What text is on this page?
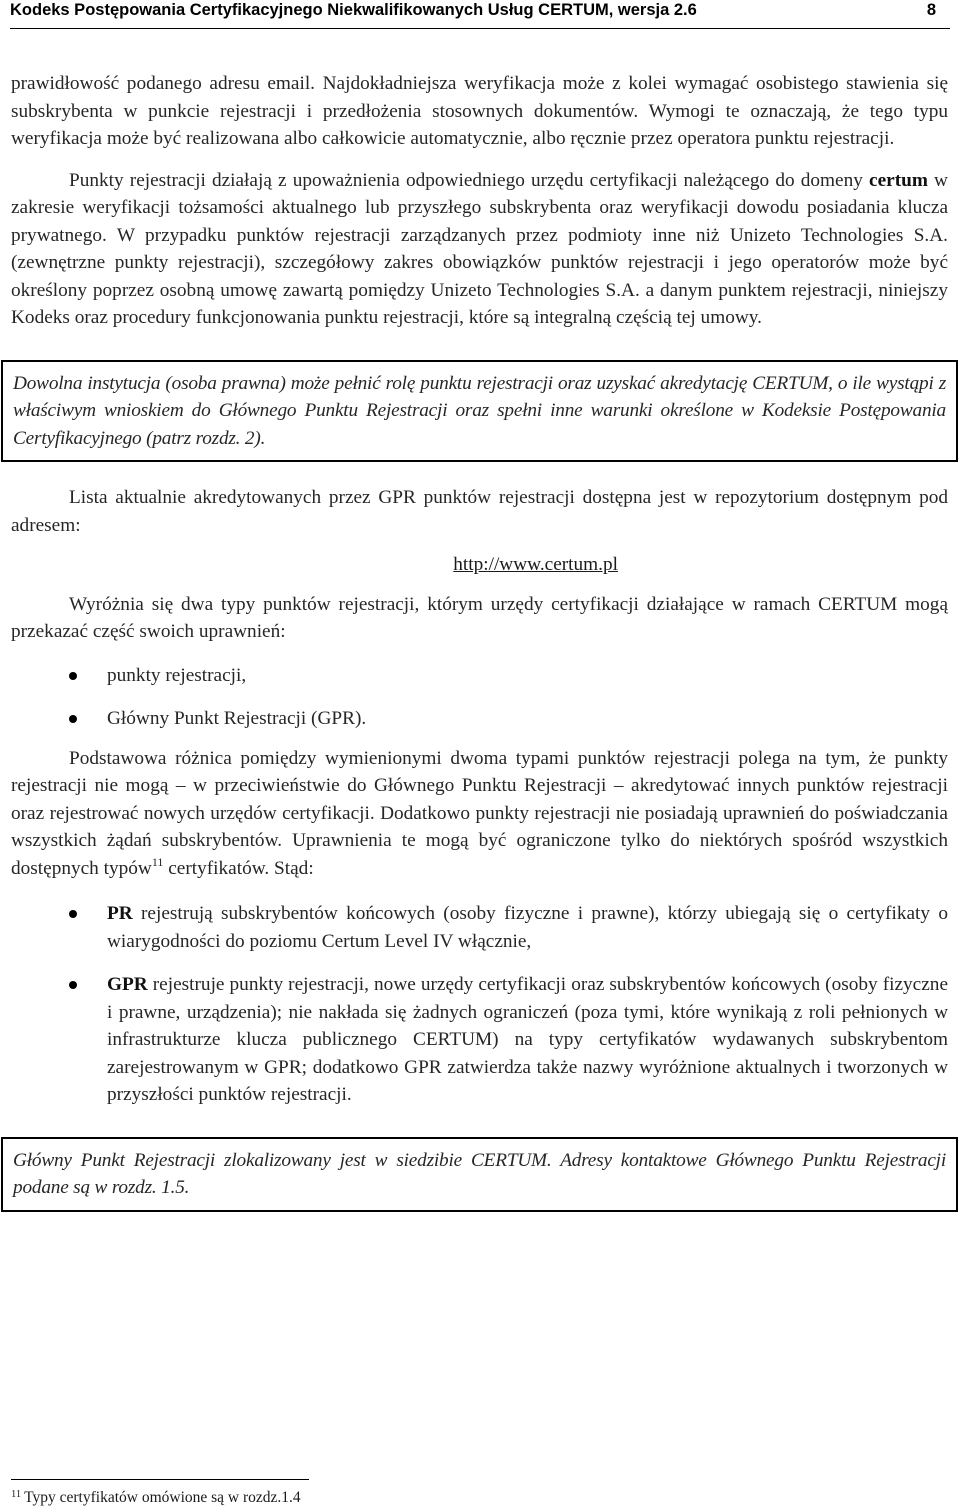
Kodeks Postępowania Certyfikacyjnego Niekwalifikowanych Usług CERTUM, wersja 2.6	8

prawidłowość podanego adresu email. Najdokładniejsza weryfikacja może z kolei wymagać osobistego stawienia się subskrybenta w punkcie rejestracji i przedłożenia stosownych dokumentów. Wymogi te oznaczają, że tego typu weryfikacja może być realizowana albo całkowicie automatycznie, albo ręcznie przez operatora punktu rejestracji.

Punkty rejestracji działają z upoważnienia odpowiedniego urzędu certyfikacji należącego do domeny certum w zakresie weryfikacji tożsamości aktualnego lub przyszłego subskrybenta oraz weryfikacji dowodu posiadania klucza prywatnego. W przypadku punktów rejestracji zarządzanych przez podmioty inne niż Unizeto Technologies S.A. (zewnętrzne punkty rejestracji), szczegółowy zakres obowiązków punktów rejestracji i jego operatorów może być określony poprzez osobną umowę zawartą pomiędzy Unizeto Technologies S.A. a danym punktem rejestracji, niniejszy Kodeks oraz procedury funkcjonowania punktu rejestracji, które są integralną częścią tej umowy.

Dowolna instytucja (osoba prawna) może pełnić rolę punktu rejestracji oraz uzyskać akredytację CERTUM, o ile wystąpi z właściwym wnioskiem do Głównego Punktu Rejestracji oraz spełni inne warunki określone w Kodeksie Postępowania Certyfikacyjnego (patrz rozdz. 2).

Lista aktualnie akredytowanych przez GPR punktów rejestracji dostępna jest w repozytorium dostępnym pod adresem:

http://www.certum.pl

Wyróżnia się dwa typy punktów rejestracji, którym urzędy certyfikacji działające w ramach CERTUM mogą przekazać część swoich uprawnień:

punkty rejestracji,
Główny Punkt Rejestracji (GPR).

Podstawowa różnica pomiędzy wymienionymi dwoma typami punktów rejestracji polega na tym, że punkty rejestracji nie mogą – w przeciwieństwie do Głównego Punktu Rejestracji – akredytować innych punktów rejestracji oraz rejestrować nowych urzędów certyfikacji. Dodatkowo punkty rejestracji nie posiadają uprawnień do poświadczania wszystkich żądań subskrybentów. Uprawnienia te mogą być ograniczone tylko do niektórych spośród wszystkich dostępnych typów$^{11}$ certyfikatów. Stąd:

PR rejestrują subskrybentów końcowych (osoby fizyczne i prawne), którzy ubiegają się o certyfikaty o wiarygodności do poziomu Certum Level IV włącznie,
GPR rejestruje punkty rejestracji, nowe urzędy certyfikacji oraz subskrybentów końcowych (osoby fizyczne i prawne, urządzenia); nie nakłada się żadnych ograniczeń (poza tymi, które wynikają z roli pełnionych w infrastrukturze klucza publicznego CERTUM) na typy certyfikatów wydawanych subskrybentom zarejestrowanym w GPR; dodatkowo GPR zatwierdza także nazwy wyróżnione aktualnych i tworzonych w przyszłości punktów rejestracji.

Główny Punkt Rejestracji zlokalizowany jest w siedzibie CERTUM. Adresy kontaktowe Głównego Punktu Rejestracji podane są w rozdz. 1.5.

$^{11}$ Typy certyfikatów omówione są w rozdz.1.4
